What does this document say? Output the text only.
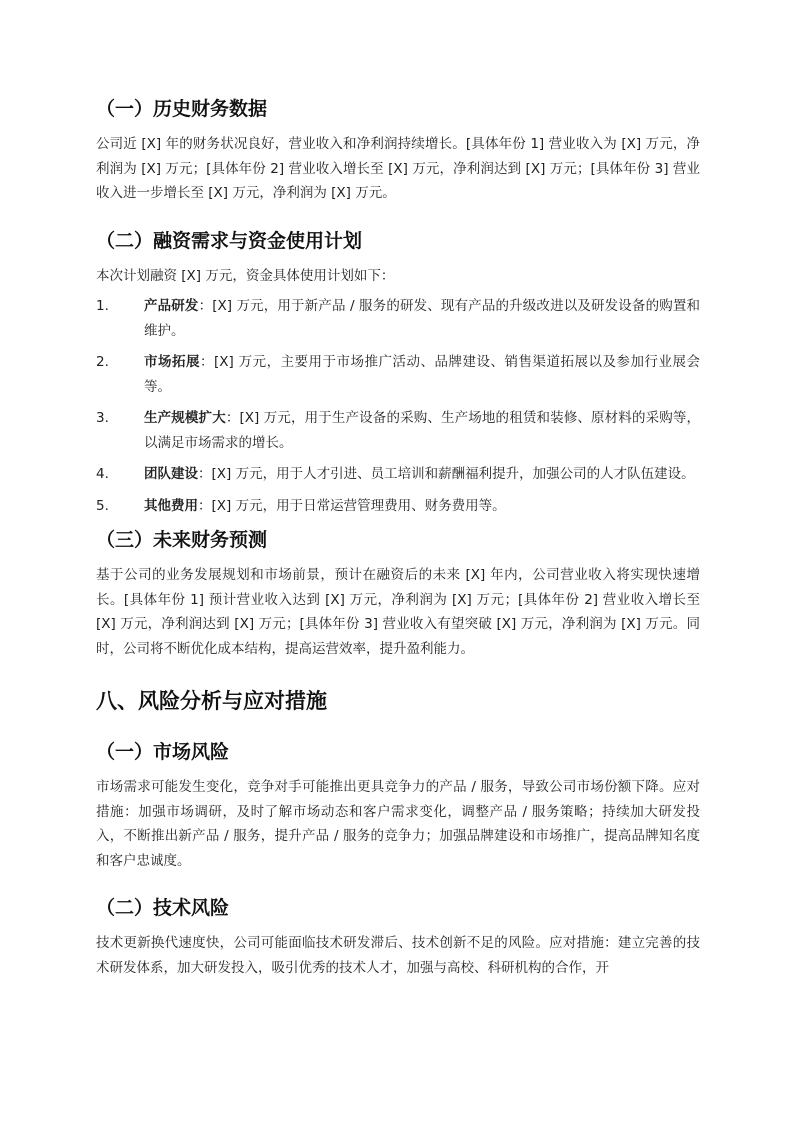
（一）历史财务数据

公司近 [X] 年的财务状况良好，营业收入和净利润持续增长。[具体年份 1] 营业收入为 [X] 万元，净利润为 [X] 万元；[具体年份 2] 营业收入增长至 [X] 万元，净利润达到 [X] 万元；[具体年份 3] 营业收入进一步增长至 [X] 万元，净利润为 [X] 万元。

（二）融资需求与资金使用计划

本次计划融资 [X] 万元，资金具体使用计划如下：

1.	产品研发：[X] 万元，用于新产品 / 服务的研发、现有产品的升级改进以及研发设备的购置和维护。
2.	市场拓展：[X] 万元，主要用于市场推广活动、品牌建设、销售渠道拓展以及参加行业展会等。
3.	生产规模扩大：[X] 万元，用于生产设备的采购、生产场地的租赁和装修、原材料的采购等，以满足市场需求的增长。
4.	团队建设：[X] 万元，用于人才引进、员工培训和薪酬福利提升，加强公司的人才队伍建设。
5.	其他费用：[X] 万元，用于日常运营管理费用、财务费用等。
（三）未来财务预测

基于公司的业务发展规划和市场前景，预计在融资后的未来 [X] 年内，公司营业收入将实现快速增长。[具体年份 1] 预计营业收入达到 [X] 万元，净利润为 [X] 万元；[具体年份 2] 营业收入增长至 [X] 万元，净利润达到 [X] 万元；[具体年份 3] 营业收入有望突破 [X] 万元，净利润为 [X] 万元。同时，公司将不断优化成本结构，提高运营效率，提升盈利能力。

八、风险分析与应对措施
（一）市场风险

市场需求可能发生变化，竞争对手可能推出更具竞争力的产品 / 服务，导致公司市场份额下降。应对措施：加强市场调研，及时了解市场动态和客户需求变化，调整产品 / 服务策略；持续加大研发投入，不断推出新产品 / 服务，提升产品 / 服务的竞争力；加强品牌建设和市场推广，提高品牌知名度和客户忠诚度。

（二）技术风险

技术更新换代速度快，公司可能面临技术研发滞后、技术创新不足的风险。应对措施：建立完善的技术研发体系，加大研发投入，吸引优秀的技术人才，加强与高校、科研机构的合作，开
